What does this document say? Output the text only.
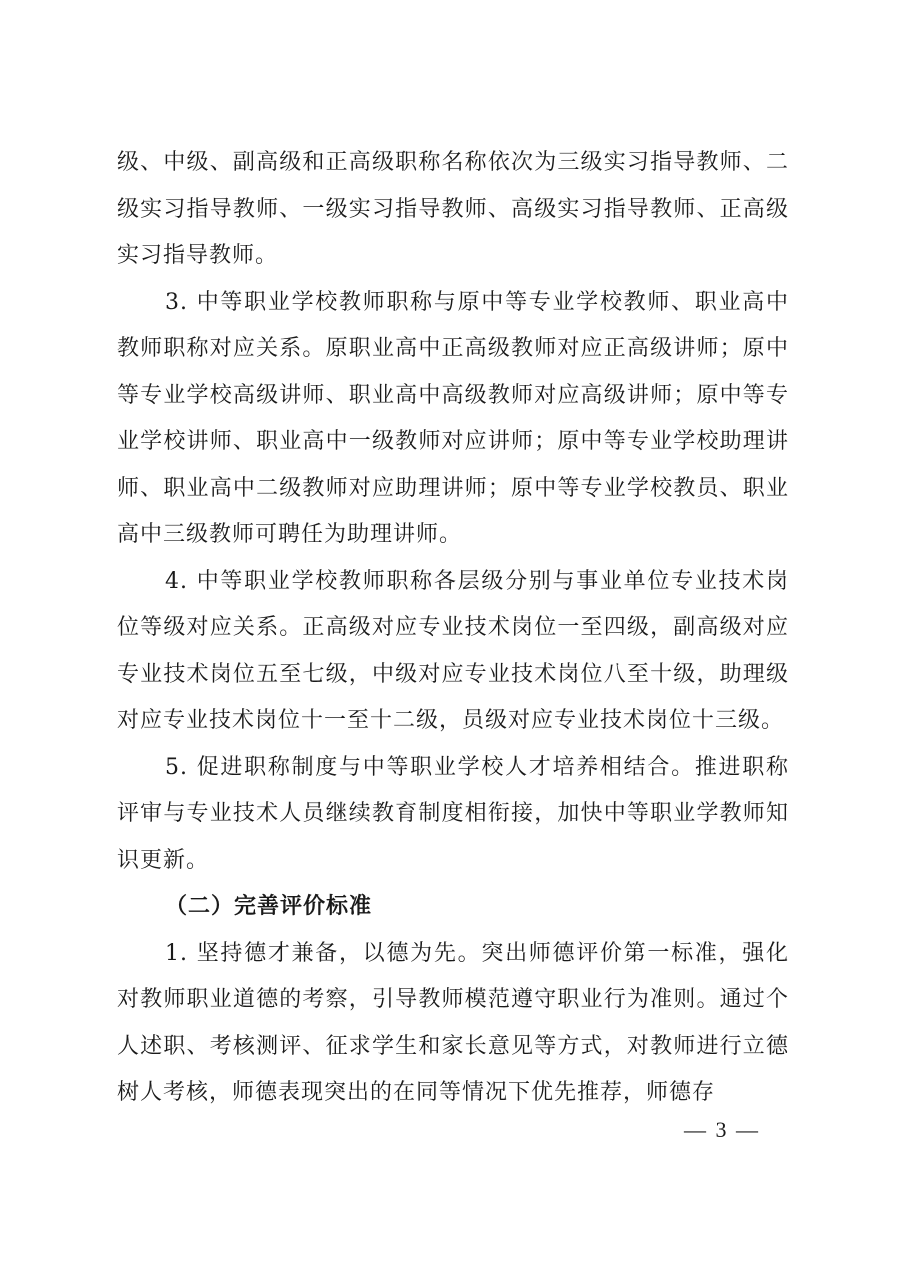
级、中级、副高级和正高级职称名称依次为三级实习指导教师、二级实习指导教师、一级实习指导教师、高级实习指导教师、正高级实习指导教师。

3. 中等职业学校教师职称与原中等专业学校教师、职业高中教师职称对应关系。原职业高中正高级教师对应正高级讲师；原中等专业学校高级讲师、职业高中高级教师对应高级讲师；原中等专业学校讲师、职业高中一级教师对应讲师；原中等专业学校助理讲师、职业高中二级教师对应助理讲师；原中等专业学校教员、职业高中三级教师可聘任为助理讲师。

4. 中等职业学校教师职称各层级分别与事业单位专业技术岗位等级对应关系。正高级对应专业技术岗位一至四级，副高级对应专业技术岗位五至七级，中级对应专业技术岗位八至十级，助理级对应专业技术岗位十一至十二级，员级对应专业技术岗位十三级。

5. 促进职称制度与中等职业学校人才培养相结合。推进职称评审与专业技术人员继续教育制度相衔接，加快中等职业学教师知识更新。

（二）完善评价标准

1. 坚持德才兼备，以德为先。突出师德评价第一标准，强化对教师职业道德的考察，引导教师模范遵守职业行为准则。通过个人述职、考核测评、征求学生和家长意见等方式，对教师进行立德树人考核，师德表现突出的在同等情况下优先推荐，师德存

— 3 —
